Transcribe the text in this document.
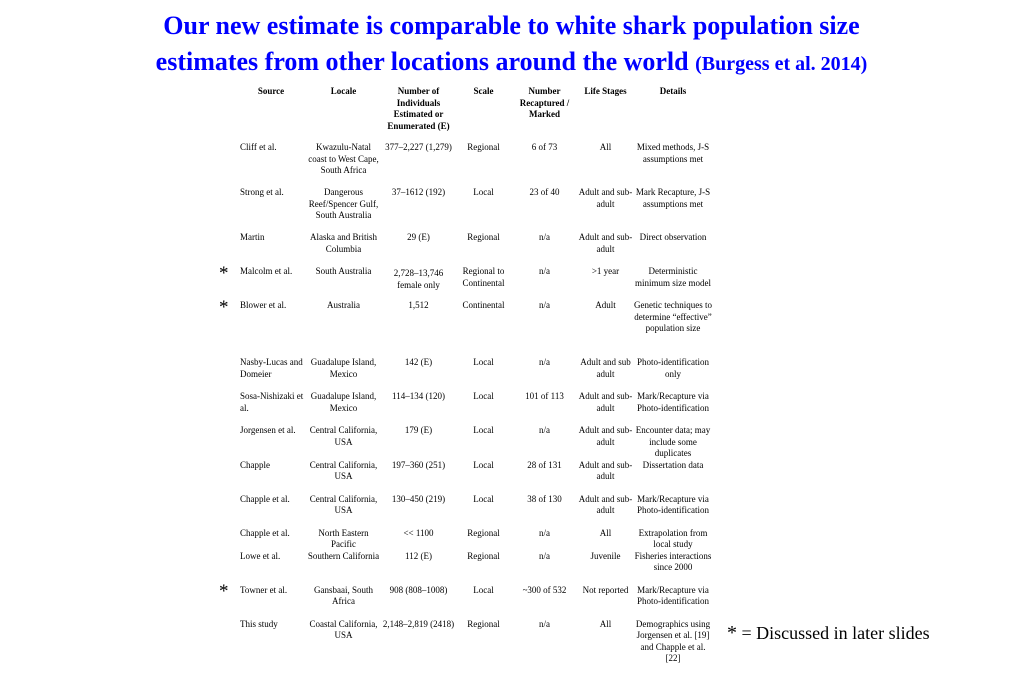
Our new estimate is comparable to white shark population size
estimates from other locations around the world (Burgess et al. 2014)
Source	Locale	Number of Individuals Estimated or Enumerated (E)	Scale	Number Recaptured / Marked	Life Stages	Details
Cliff et al.	Kwazulu-Natal coast to West Cape, South Africa	377–2,227 (1,279)	Regional	6 of 73	All	Mixed methods, J-S assumptions met
Strong et al.	Dangerous Reef/Spencer Gulf, South Australia	37–1612 (192)	Local	23 of 40	Adult and sub-adult	Mark Recapture, J-S assumptions met
Martin	Alaska and British Columbia	29 (E)	Regional	n/a	Adult and sub-adult	Direct observation
Malcolm et al.	South Australia	2,728–13,746 female only	Regional to Continental	n/a	>1 year	Deterministic minimum size model
Blower et al.	Australia	1,512	Continental	n/a	Adult	Genetic techniques to determine “effective” population size
Nasby-Lucas and Domeier	Guadalupe Island, Mexico	142 (E)	Local	n/a	Adult and sub adult	Photo-identification only
Sosa-Nishizaki et al.	Guadalupe Island, Mexico	114–134 (120)	Local	101 of 113	Adult and sub-adult	Mark/Recapture via Photo-identification
Jorgensen et al.	Central California, USA	179 (E)	Local	n/a	Adult and sub-adult	Encounter data; may include some duplicates
Chapple	Central California, USA	197–360 (251)	Local	28 of 131	Adult and sub-adult	Dissertation data
Chapple et al.	Central California, USA	130–450 (219)	Local	38 of 130	Adult and sub-adult	Mark/Recapture via Photo-identification
Chapple et al.	North Eastern Pacific	<< 1100	Regional	n/a	All	Extrapolation from local study
Lowe et al.	Southern California	112 (E)	Regional	n/a	Juvenile	Fisheries interactions since 2000
Towner et al.	Gansbaai, South Africa	908 (808–1008)	Local	~300 of 532	Not reported	Mark/Recapture via Photo-identification
This study	Coastal California, USA	2,148–2,819 (2418)	Regional	n/a	All	Demographics using Jorgensen et al. [19] and Chapple et al. [22]
*
*
*
* = Discussed in later slides
